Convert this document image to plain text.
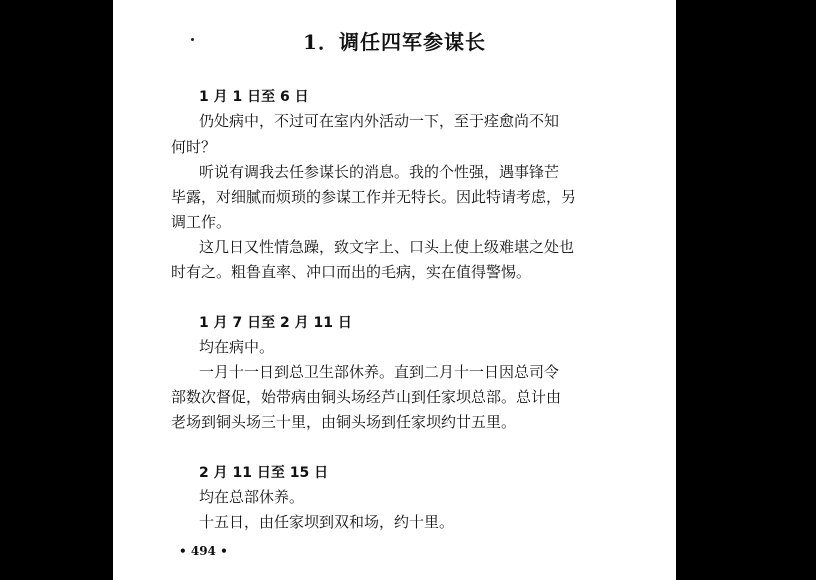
1．调任四军参谋长
1 月 1 日至 6 日
仍处病中，不过可在室内外活动一下，至于痊愈尚不知
何时？
听说有调我去任参谋长的消息。我的个性强，遇事锋芒
毕露，对细腻而烦琐的参谋工作并无特长。因此特请考虑，另
调工作。
这几日又性情急躁，致文字上、口头上使上级难堪之处也
时有之。粗鲁直率、冲口而出的毛病，实在值得警惕。
1 月 7 日至 2 月 11 日
均在病中。
一月十一日到总卫生部休养。直到二月十一日因总司令
部数次督促，始带病由铜头场经芦山到任家坝总部。总计由
老场到铜头场三十里，由铜头场到任家坝约廿五里。
2 月 11 日至 15 日
均在总部休养。
十五日，由任家坝到双和场，约十里。
• 494 •
